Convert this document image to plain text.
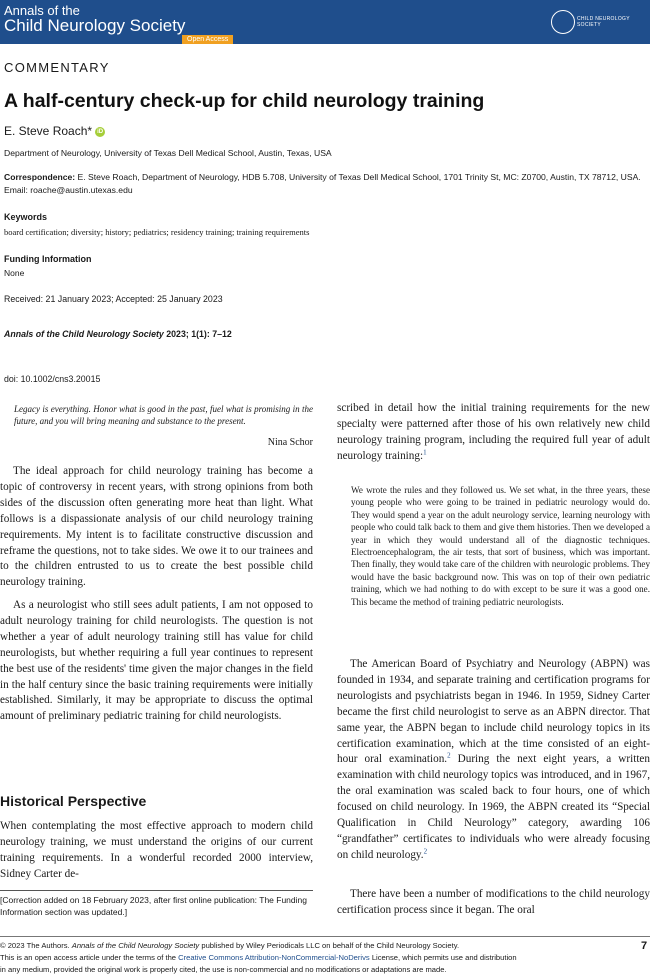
Annals of the
Child Neurology Society
Open Access
CHILD NEUROLOGY SOCIETY
COMMENTARY
A half-century check-up for child neurology training
E. Steve Roach* iD
Department of Neurology, University of Texas Dell Medical School, Austin, Texas, USA
Correspondence: E. Steve Roach, Department of Neurology, HDB 5.708, University of Texas Dell Medical School, 1701 Trinity St, MC: Z0700, Austin, TX 78712, USA. Email: roache@austin.utexas.edu
Keywords
board certification; diversity; history; pediatrics; residency training; training requirements
Funding Information
None
Received: 21 January 2023; Accepted: 25 January 2023
Annals of the Child Neurology Society 2023; 1(1): 7–12
doi: 10.1002/cns3.20015
Legacy is everything. Honor what is good in the past, fuel what is promising in the future, and you will bring meaning and substance to the present.
Nina Schor

The ideal approach for child neurology training has become a topic of controversy in recent years, with strong opinions from both sides of the discussion often generating more heat than light. What follows is a dispassionate analysis of our child neurology training requirements. My intent is to facilitate constructive discussion and reframe the questions, not to take sides. We owe it to our trainees and to the children entrusted to us to create the best possible child neurology training.

As a neurologist who still sees adult patients, I am not opposed to adult neurology training for child neurologists. The question is not whether a year of adult neurology training still has value for child neurologists, but whether requiring a full year continues to represent the best use of the residents' time given the major changes in the field in the half century since the basic training requirements were initially established. Similarly, it may be appropriate to discuss the optimal amount of preliminary pediatric training for child neurologists.

Historical Perspective

When contemplating the most effective approach to modern child neurology training, we must understand the origins of our current training requirements. In a wonderful recorded 2000 interview, Sidney Carter de-

[Correction added on 18 February 2023, after first online publication: The Funding Information section was updated.]

scribed in detail how the initial training requirements for the new specialty were patterned after those of his own relatively new child neurology training program, including the required full year of adult neurology training:$^1$

We wrote the rules and they followed us. We set what, in the three years, these young people who were going to be trained in pediatric neurology would do. They would spend a year on the adult neurology service, learning neurology with people who could talk back to them and give them histories. Then we developed a year in which they would understand all of the diagnostic techniques. Electroencephalogram, the air tests, that sort of business, which was important. Then finally, they would take care of the children with neurologic problems. They would have the basic background now. This was on top of their own pediatric training, which we had nothing to do with except to be sure it was a good one. This became the method of training pediatric neurologists.

The American Board of Psychiatry and Neurology (ABPN) was founded in 1934, and separate training and certification programs for neurologists and psychiatrists began in 1946. In 1959, Sidney Carter became the first child neurologist to serve as an ABPN director. That same year, the ABPN began to include child neurology topics in its certification examination, which at the time consisted of an eight-hour oral examination.$^2$ During the next eight years, a written examination with child neurology topics was introduced, and in 1967, the oral examination was scaled back to four hours, one of which focused on child neurology. In 1969, the ABPN created its “Special Qualification in Child Neurology” category, awarding 106 “grandfather” certificates to individuals who were already focusing on child neurology.$^2$

There have been a number of modifications to the child neurology certification process since it began. The oral

© 2023 The Authors. Annals of the Child Neurology Society published by Wiley Periodicals LLC on behalf of the Child Neurology Society.
This is an open access article under the terms of the Creative Commons Attribution-NonCommercial-NoDerivs License, which permits use and distribution
in any medium, provided the original work is properly cited, the use is non-commercial and no modifications or adaptations are made.
7
